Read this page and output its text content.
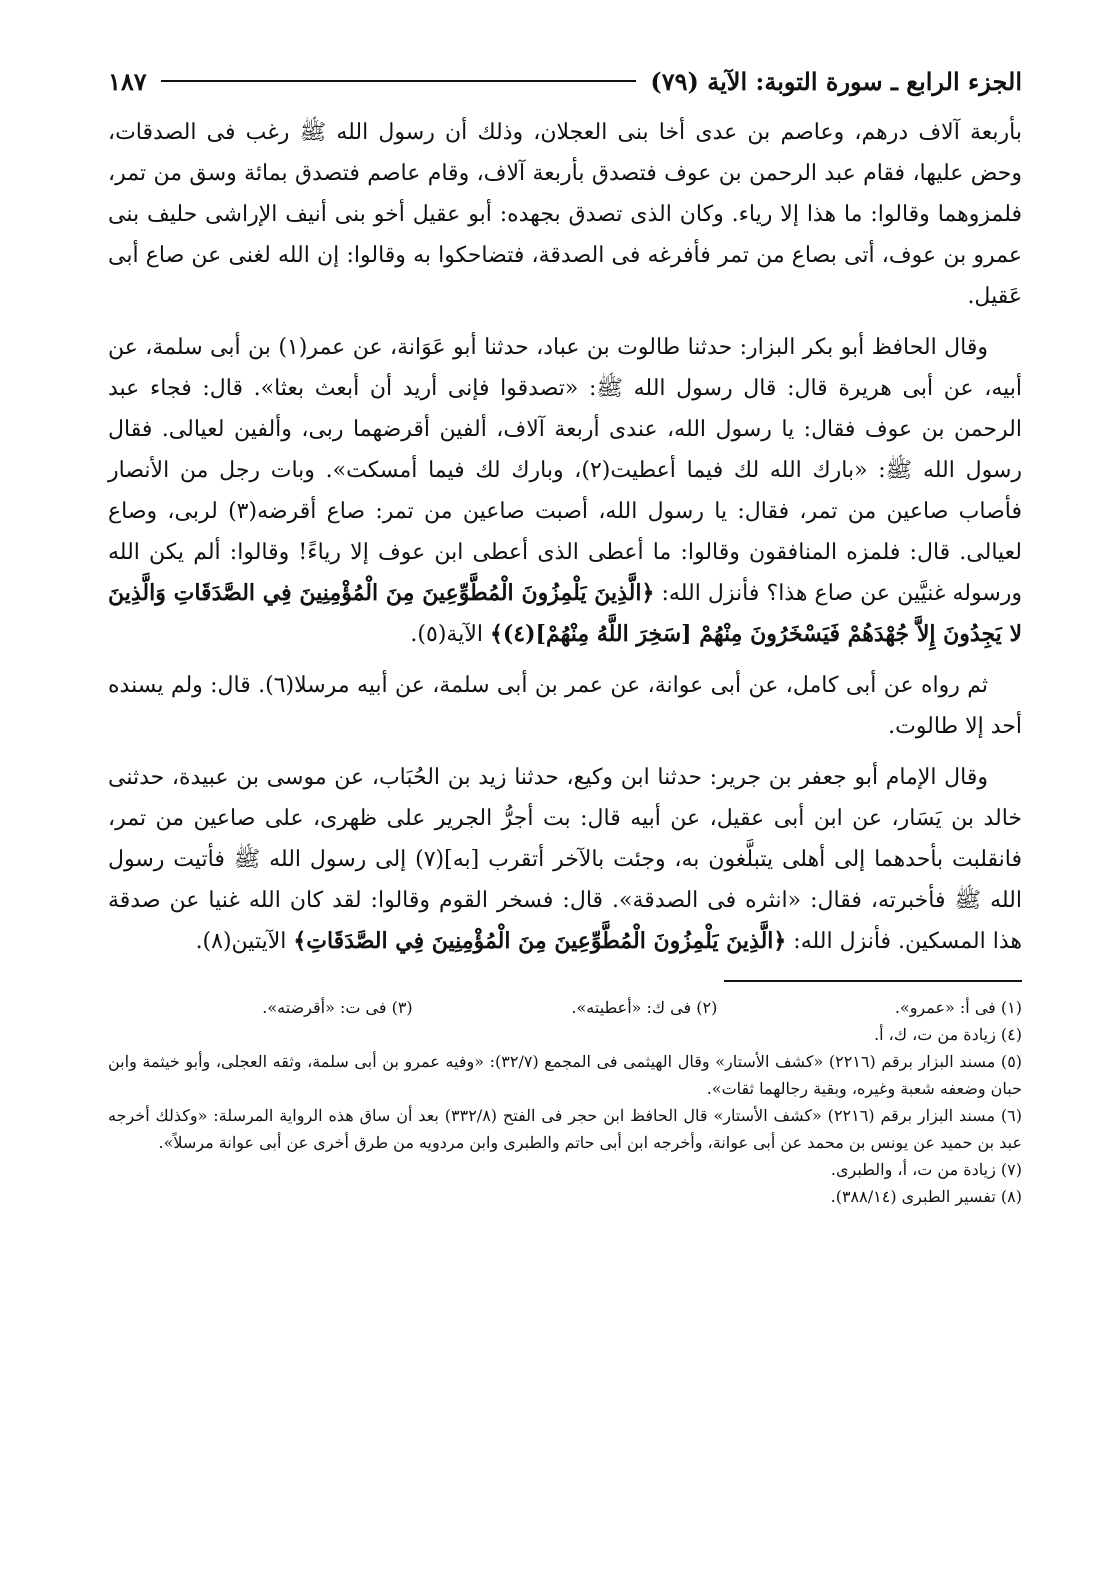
الجزء الرابع ـ سورة التوبة: الآية (٧٩)
١٨٧

بأربعة آلاف درهم، وعاصم بن عدى أخا بنى العجلان، وذلك أن رسول الله ﷺ رغب فى الصدقات، وحض عليها، فقام عبد الرحمن بن عوف فتصدق بأربعة آلاف، وقام عاصم فتصدق بمائة وسق من تمر، فلمزوهما وقالوا: ما هذا إلا رياء. وكان الذى تصدق بجهده: أبو عقيل أخو بنى أنيف الإراشى حليف بنى عمرو بن عوف، أتى بصاع من تمر فأفرغه فى الصدقة، فتضاحكوا به وقالوا: إن الله لغنى عن صاع أبى عَقيل.

وقال الحافظ أبو بكر البزار: حدثنا طالوت بن عباد، حدثنا أبو عَوَانة، عن عمر(١) بن أبى سلمة، عن أبيه، عن أبى هريرة قال: قال رسول الله ﷺ: «تصدقوا فإنى أريد أن أبعث بعثا». قال: فجاء عبد الرحمن بن عوف فقال: يا رسول الله، عندى أربعة آلاف، ألفين أقرضهما ربى، وألفين لعيالى. فقال رسول الله ﷺ: «بارك الله لك فيما أعطيت(٢)، وبارك لك فيما أمسكت». وبات رجل من الأنصار فأصاب صاعين من تمر، فقال: يا رسول الله، أصبت صاعين من تمر: صاع أقرضه(٣) لربى، وصاع لعيالى. قال: فلمزه المنافقون وقالوا: ما أعطى الذى أعطى ابن عوف إلا رياءً! وقالوا: ألم يكن الله ورسوله غنيَّين عن صاع هذا؟ فأنزل الله: ﴿الَّذِينَ يَلْمِزُونَ الْمُطَّوِّعِينَ مِنَ الْمُؤْمِنِينَ فِي الصَّدَقَاتِ وَالَّذِينَ لا يَجِدُونَ إِلاَّ جُهْدَهُمْ فَيَسْخَرُونَ مِنْهُمْ [سَخِرَ اللَّهُ مِنْهُمْ](٤)﴾ الآية(٥).

ثم رواه عن أبى كامل، عن أبى عوانة، عن عمر بن أبى سلمة، عن أبيه مرسلا(٦). قال: ولم يسنده أحد إلا طالوت.

وقال الإمام أبو جعفر بن جرير: حدثنا ابن وكيع، حدثنا زيد بن الحُبَاب، عن موسى بن عبيدة، حدثنى خالد بن يَسَار، عن ابن أبى عقيل، عن أبيه قال: بت أجرُّ الجرير على ظهرى، على صاعين من تمر، فانقلبت بأحدهما إلى أهلى يتبلَّغون به، وجئت بالآخر أتقرب [به](٧) إلى رسول الله ﷺ فأتيت رسول الله ﷺ فأخبرته، فقال: «انثره فى الصدقة». قال: فسخر القوم وقالوا: لقد كان الله غنيا عن صدقة هذا المسكين. فأنزل الله: ﴿الَّذِينَ يَلْمِزُونَ الْمُطَّوِّعِينَ مِنَ الْمُؤْمِنِينَ فِي الصَّدَقَاتِ﴾ الآيتين(٨).

(١) فى أ: «عمرو».
(٢) فى ك: «أعطيته».
(٣) فى ت: «أقرضته».

(٤) زيادة من ت، ك، أ.

(٥) مسند البزار برقم (٢٢١٦) «كشف الأستار» وقال الهيثمى فى المجمع (٣٢/٧): «وفيه عمرو بن أبى سلمة، وثقه العجلى، وأبو خيثمة وابن حبان وضعفه شعبة وغيره، وبقية رجالهما ثقات».

(٦) مسند البزار برقم (٢٢١٦) «كشف الأستار» قال الحافظ ابن حجر فى الفتح (٣٣٢/٨) بعد أن ساق هذه الرواية المرسلة: «وكذلك أخرجه عبد بن حميد عن يونس بن محمد عن أبى عوانة، وأخرجه ابن أبى حاتم والطبرى وابن مردويه من طرق أخرى عن أبى عوانة مرسلاً».

(٧) زيادة من ت، أ، والطبرى.

(٨) تفسير الطبرى (٣٨٨/١٤).
